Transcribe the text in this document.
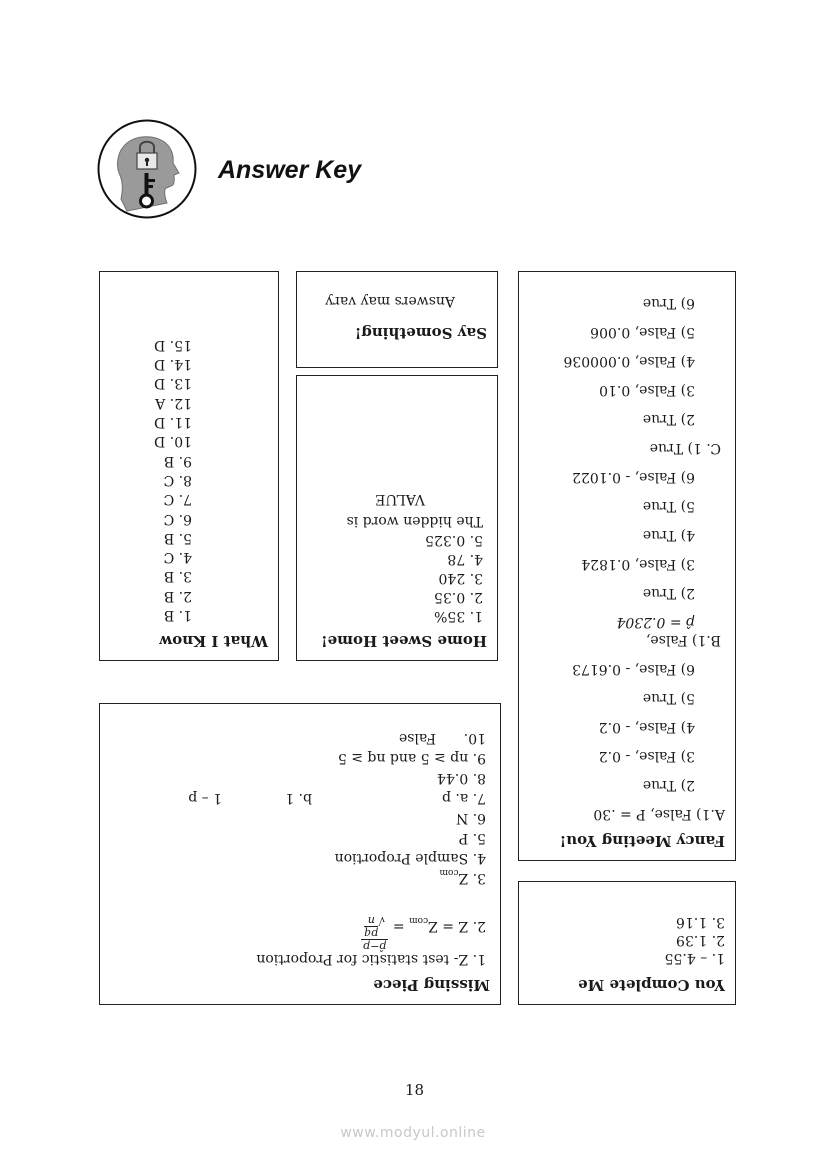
Answer Key
What I Know
1. B
2. B
3. B
4. C
5. B
6. C
7. C
8. C
9. B
10. D
11. D
12. A
13. D
14. D
15. D
Say Something!
Answers may vary
Home Sweet Home!
1. 35%
2. 0.35
3. 240
4. 78
5. 0.325
The hidden word is
VALUE
Missing Piece
1. Z- test statistic for Proportion
2. $Z = Z_{com}$ =
p̂−p
√
pq
n
3. $Z_{com}$
4. Sample Proportion
5. P
6. N
7. a. p
b. 1
1 – p
8. 0.44
9. np ≥ 5 and nq ≥ 5
10.
False
Fancy Meeting You!
A.1) False, P = .30
2) True
3) False, - 0.2
4) False, - 0.2
5) True
6) False, - 0.6173
B.1) False,
p̂ = 0.2304
2) True
3) False, 0.1824
4) True
5) True
6) False, - 0.1022
C. 1) True
2) True
3) False, 0.10
4) False, 0.000036
5) False, 0.006
6) True
You Complete Me
1. – 4.55
2. 1.39
3. 1.16
18
www.modyul.online
